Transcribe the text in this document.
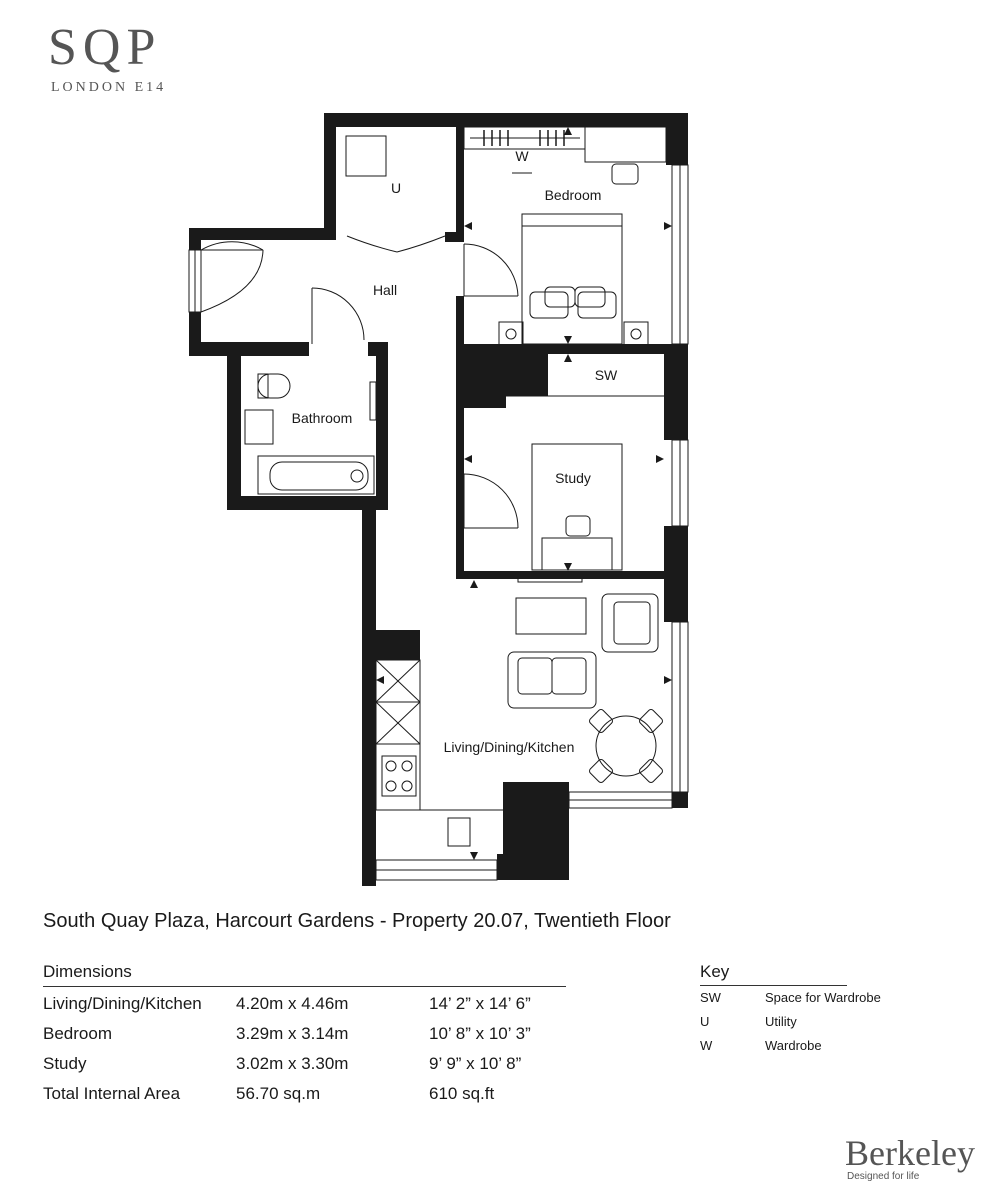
SQP
LONDON E14
U
W
Bedroom
Hall
Bathroom
SW
Study
Living/Dining/Kitchen
South Quay Plaza, Harcourt Gardens - Property 20.07, Twentieth Floor
Dimensions
Living/Dining/Kitchen	4.20m x 4.46m	14’ 2” x 14’ 6”
Bedroom	3.29m x 3.14m	10’ 8” x 10’ 3”
Study	3.02m x 3.30m	9’ 9” x 10’ 8”
Total Internal Area	56.70 sq.m	610 sq.ft
Key
SW	Space for Wardrobe
U	Utility
W	Wardrobe
Berkeley
Designed for life
